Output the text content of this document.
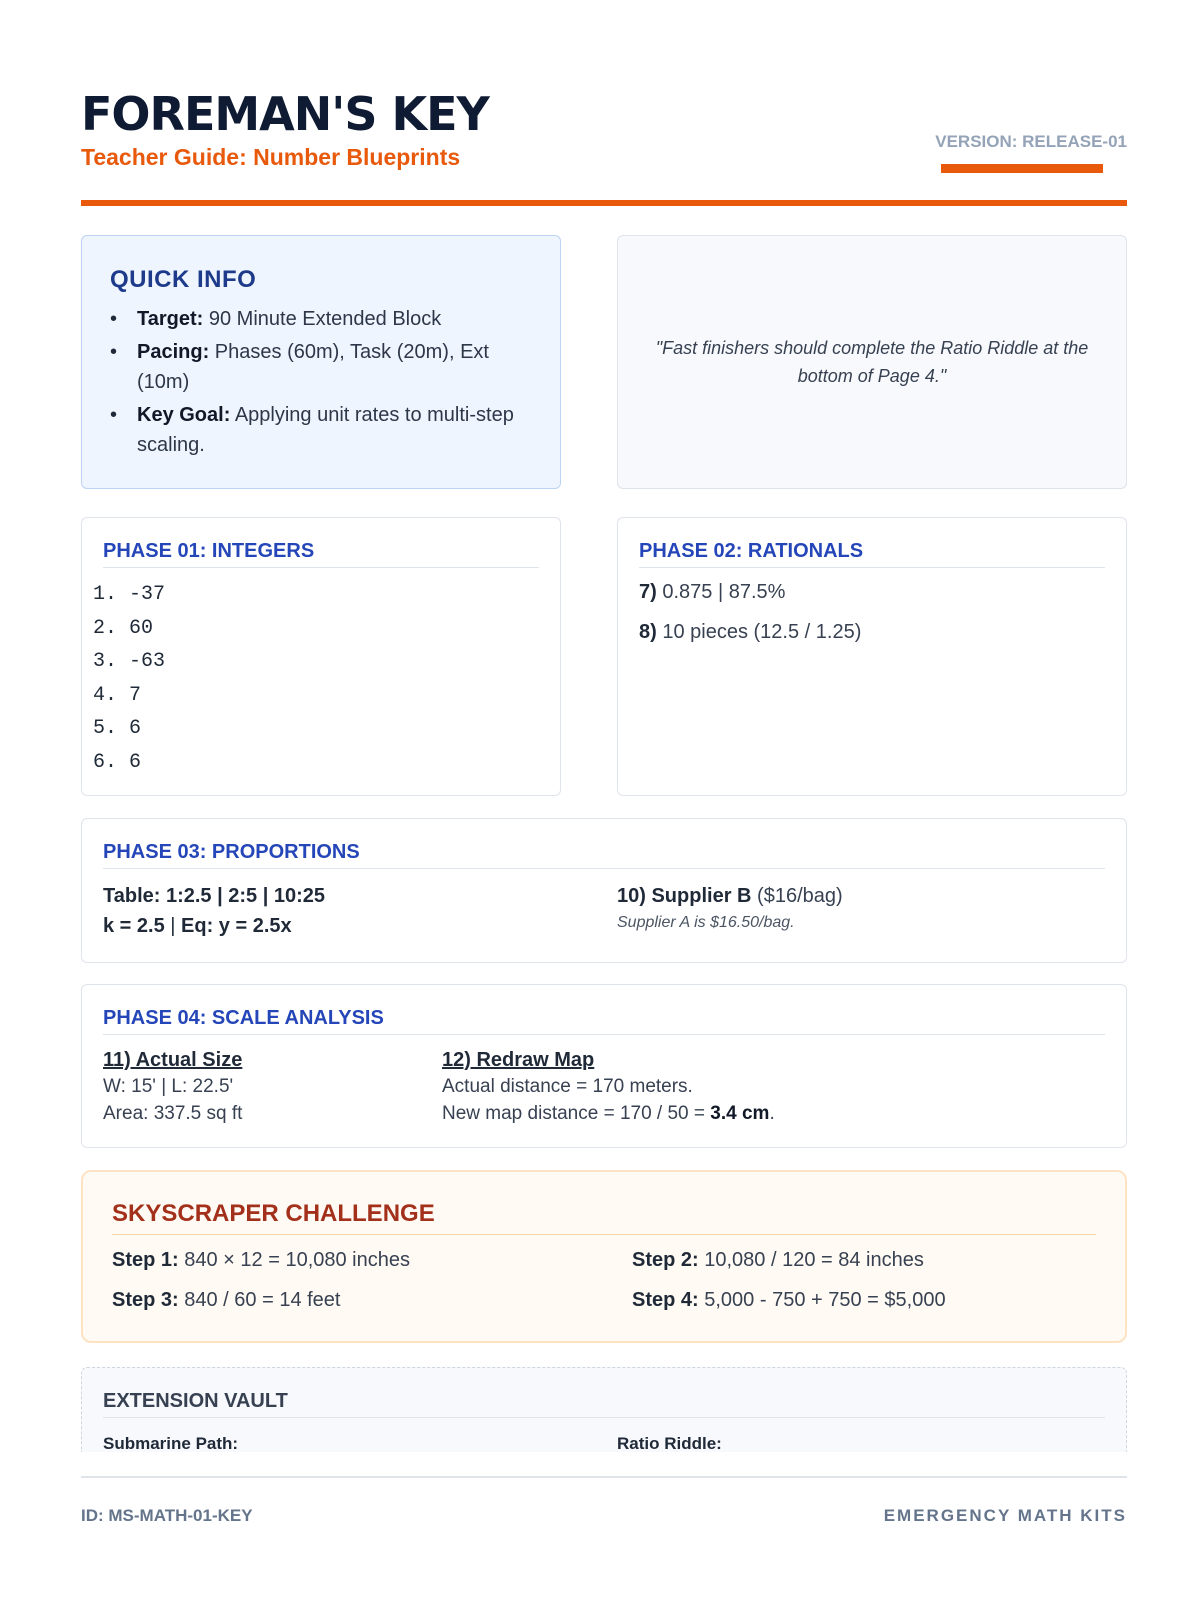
FOREMAN'S KEY
Teacher Guide: Number Blueprints
VERSION: RELEASE-01
QUICK INFO
• Target: 90 Minute Extended Block
• Pacing: Phases (60m), Task (20m), Ext (10m)
• Key Goal: Applying unit rates to multi-step scaling.

"Fast finishers should complete the Ratio Riddle at the bottom of Page 4."

PHASE 01: INTEGERS
1. -37
2. 60
3. -63
4. 7
5. 6
6. 6
PHASE 02: RATIONALS
7) 0.875 | 87.5%
8) 10 pieces (12.5 / 1.25)
PHASE 03: PROPORTIONS
Table: 1:2.5 | 2:5 | 10:25
k = 2.5 | Eq: y = 2.5x
10) Supplier B ($16/bag)
Supplier A is $16.50/bag.
PHASE 04: SCALE ANALYSIS
11) Actual Size
W: 15' | L: 22.5'
Area: 337.5 sq ft
12) Redraw Map
Actual distance = 170 meters.
New map distance = 170 / 50 = 3.4 cm.
SKYSCRAPER CHALLENGE
Step 1: 840 × 12 = 10,080 inches	Step 2: 10,080 / 120 = 84 inches
Step 3: 840 / 60 = 14 feet	Step 4: 5,000 - 750 + 750 = $5,000
EXTENSION VAULT
Submarine Path:	Ratio Riddle:
ID: MS-MATH-01-KEY	EMERGENCY MATH KITS
